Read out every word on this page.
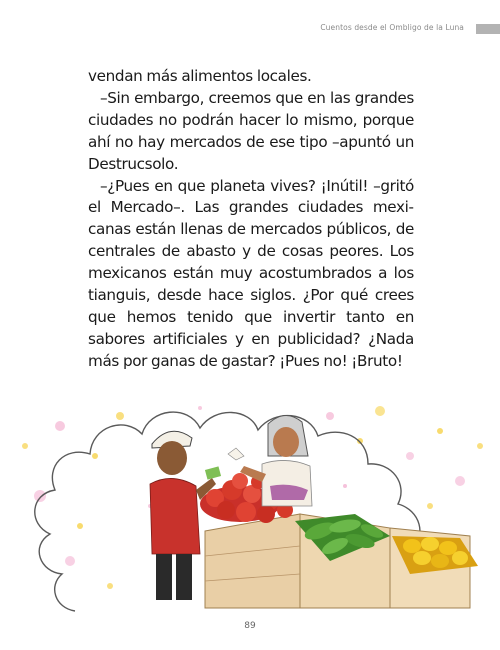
Cuentos desde el Ombligo de la Luna

vendan más alimentos locales.

–Sin embargo, creemos que en las grandes ciudades no podrán hacer lo mismo, porque ahí no hay mercados de ese tipo –apuntó un Destrucsolo.

–¿Pues en que planeta vives? ¡Inútil! –gritó el Mercado–. Las grandes ciudades mexicanas están llenas de mercados públicos, de centrales de abasto y de cosas peores. Los mexicanos están muy acostumbrados a los tianguis, desde hace siglos. ¿Por qué crees que hemos tenido que invertir tanto en sabores artificiales y en publicidad? ¿Nada más por ganas de gastar? ¡Pues no! ¡Bruto!

89
